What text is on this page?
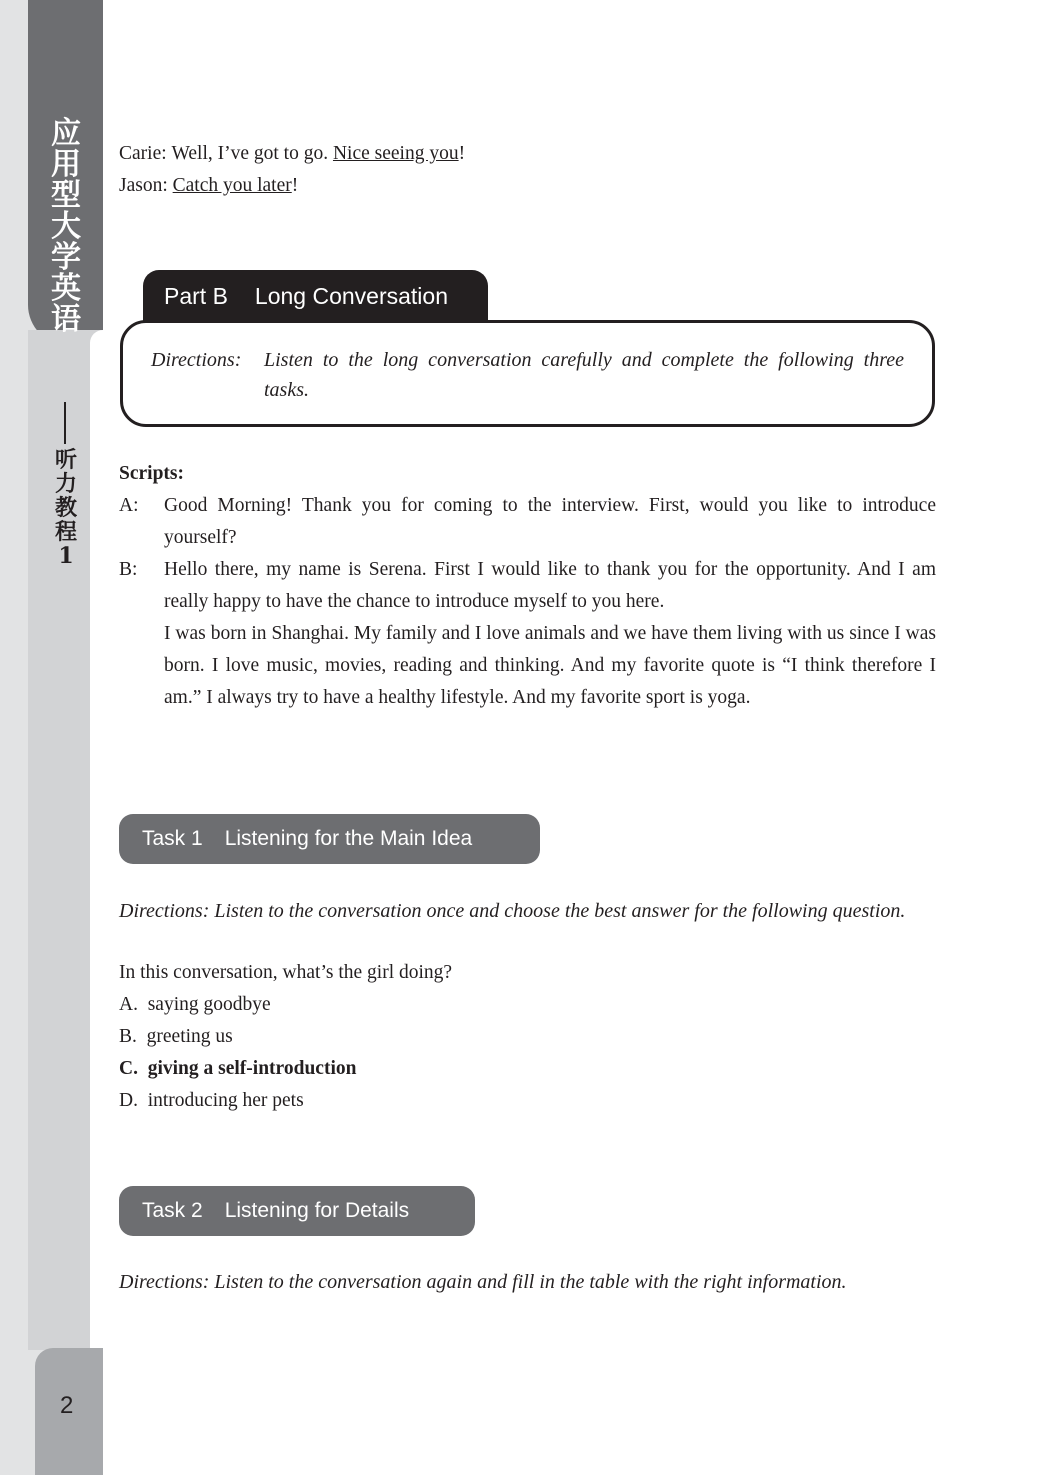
应用型大学英语
听力教程1
2
Carie: Well, I’ve got to go. Nice seeing you!
Jason: Catch you later!
Part B Long Conversation
Directions: Listen to the long conversation carefully and complete the following three tasks.
Scripts:
A: Good Morning! Thank you for coming to the interview. First, would you like to introduce yourself?
B: Hello there, my name is Serena. First I would like to thank you for the opportunity. And I am really happy to have the chance to introduce myself to you here.
I was born in Shanghai. My family and I love animals and we have them living with us since I was born. I love music, movies, reading and thinking. And my favorite quote is “I think therefore I am.” I always try to have a healthy lifestyle. And my favorite sport is yoga.
Task 1 Listening for the Main Idea
Directions: Listen to the conversation once and choose the best answer for the following question.
In this conversation, what’s the girl doing?
A. saying goodbye
B. greeting us
C. giving a self-introduction
D. introducing her pets
Task 2 Listening for Details
Directions: Listen to the conversation again and fill in the table with the right information.
